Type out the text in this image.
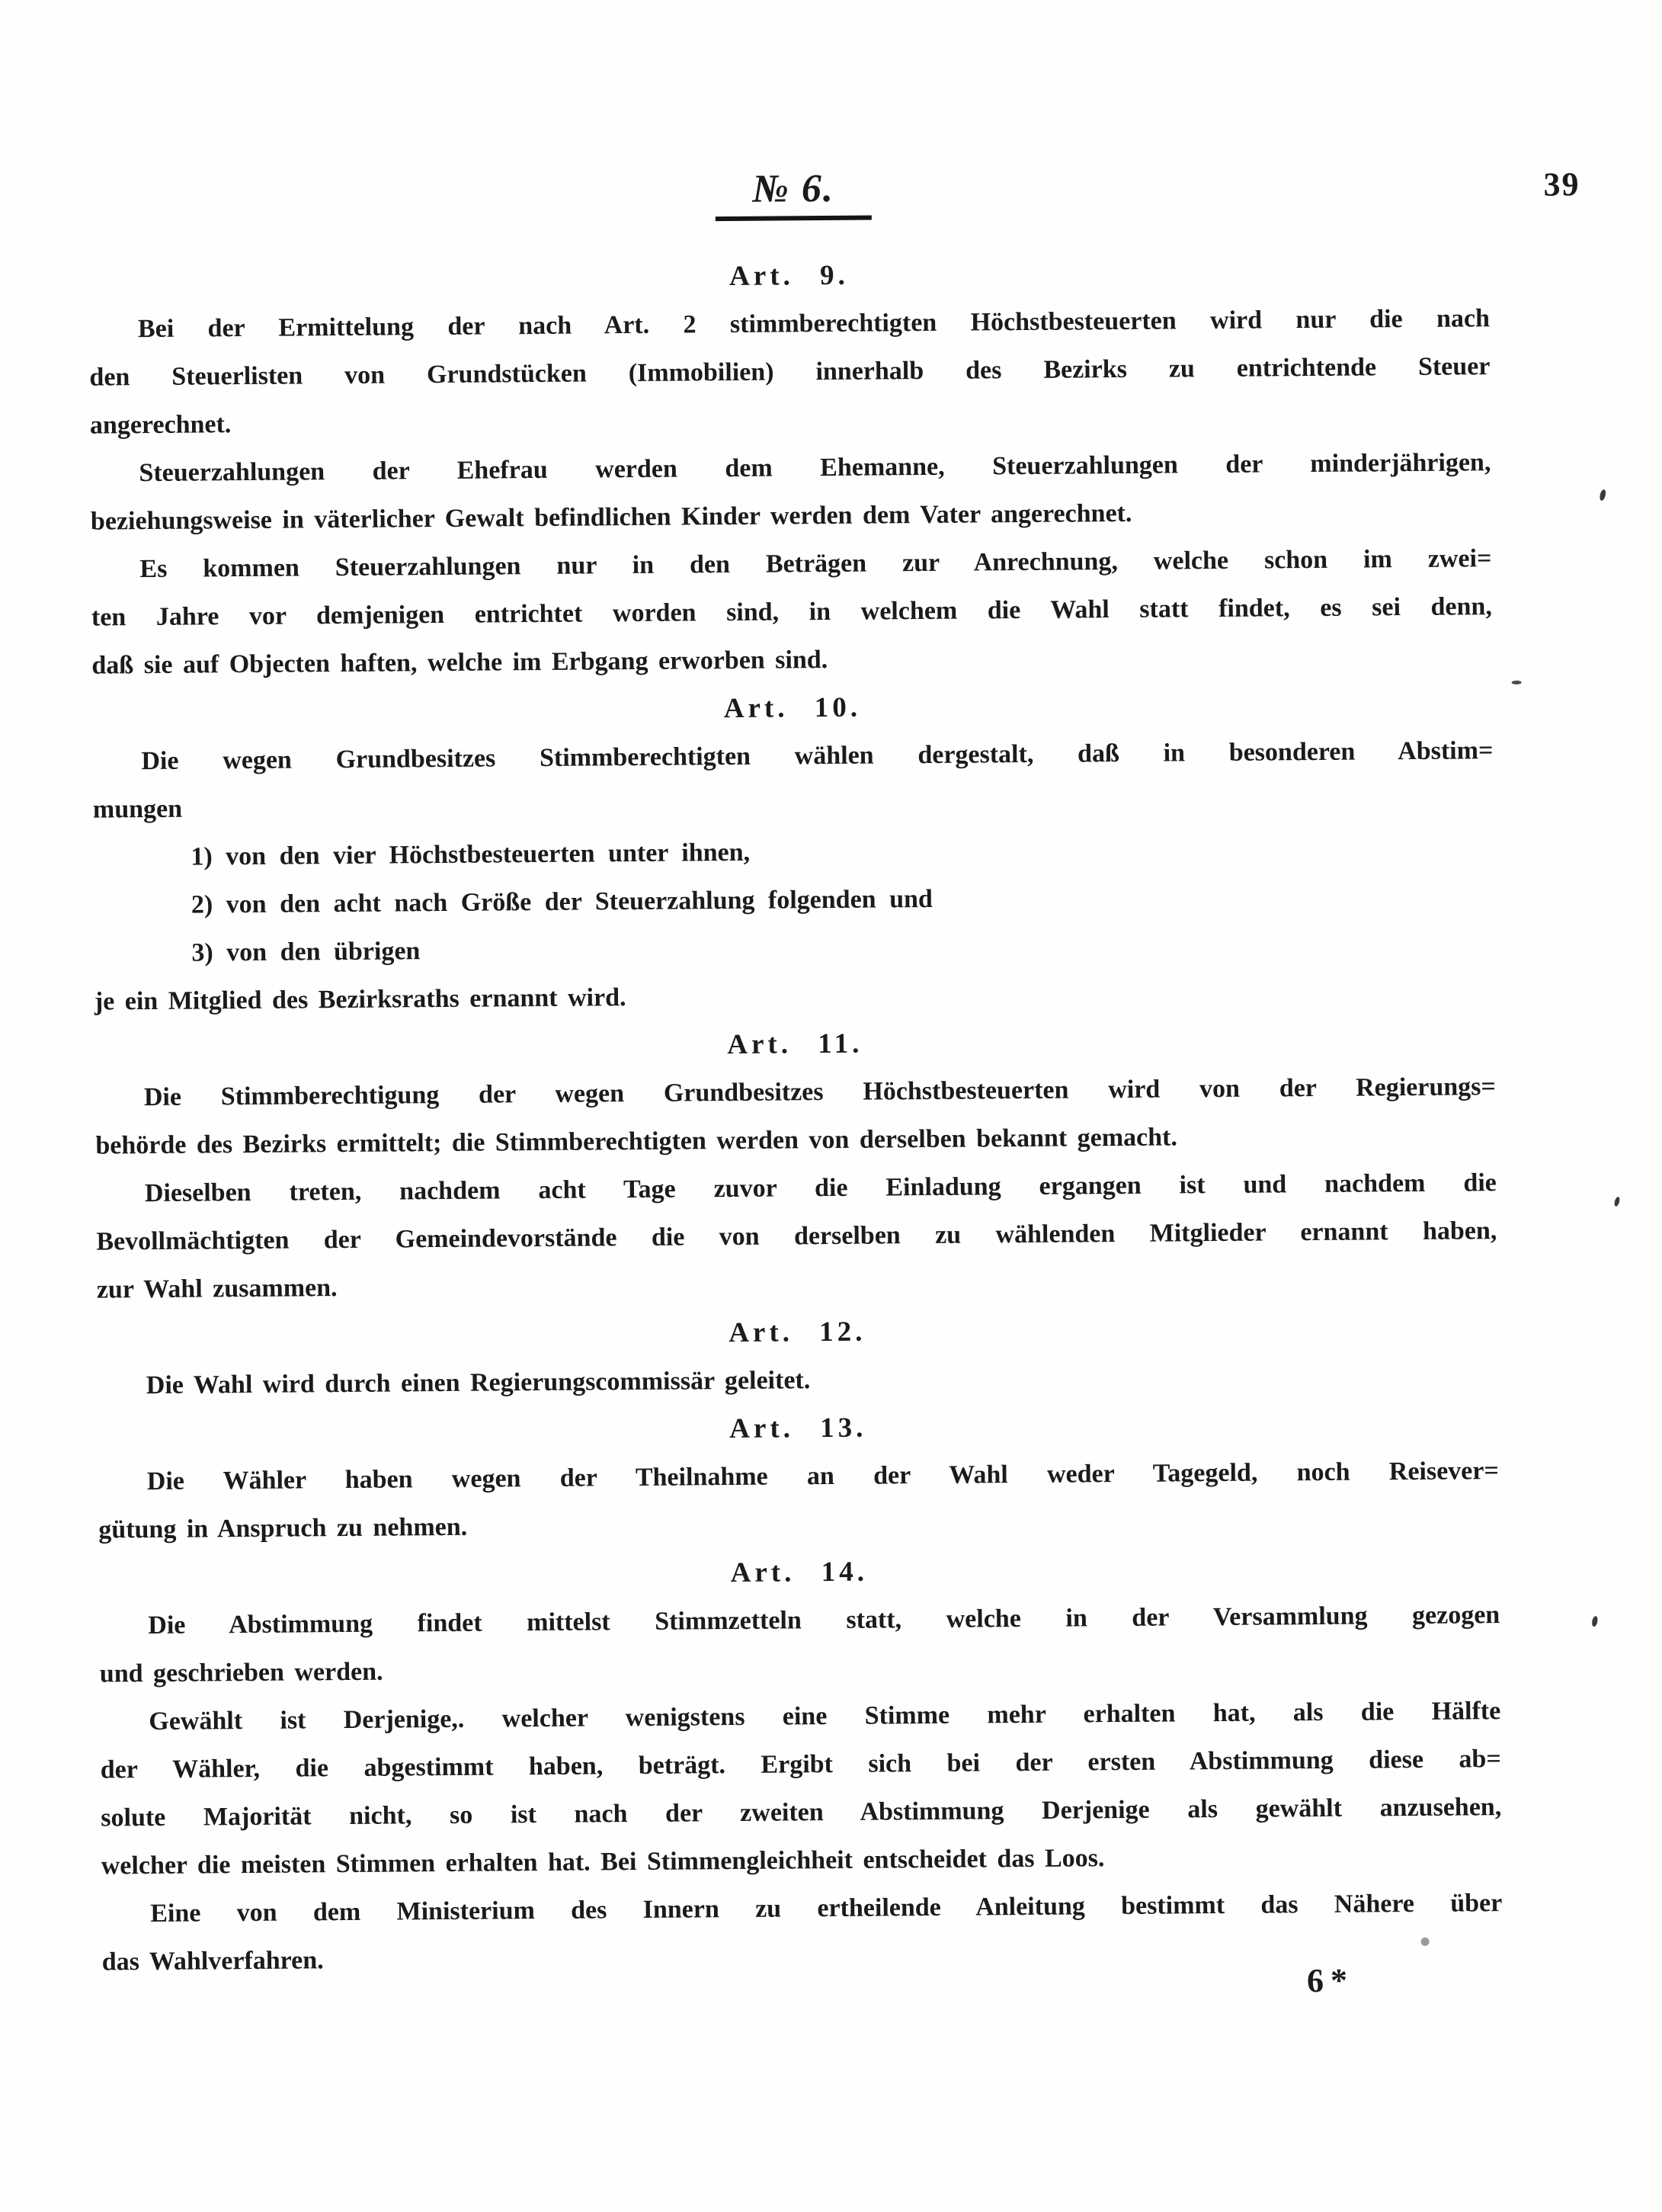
№ 6.	39
Art. 9.
Bei der Ermittelung der nach Art. 2 stimmberechtigten Höchstbesteuerten wird nur die nach
den Steuerlisten von Grundstücken (Immobilien) innerhalb des Bezirks zu entrichtende Steuer
angerechnet.
Steuerzahlungen der Ehefrau werden dem Ehemanne, Steuerzahlungen der minderjährigen,
beziehungsweise in väterlicher Gewalt befindlichen Kinder werden dem Vater angerechnet.
Es kommen Steuerzahlungen nur in den Beträgen zur Anrechnung, welche schon im zwei=
ten Jahre vor demjenigen entrichtet worden sind, in welchem die Wahl statt findet, es sei denn,
daß sie auf Objecten haften, welche im Erbgang erworben sind.
Art. 10.
Die wegen Grundbesitzes Stimmberechtigten wählen dergestalt, daß in besonderen Abstim=
mungen
1) von den vier Höchstbesteuerten unter ihnen,
2) von den acht nach Größe der Steuerzahlung folgenden und
3) von den übrigen
je ein Mitglied des Bezirksraths ernannt wird.
Art. 11.
Die Stimmberechtigung der wegen Grundbesitzes Höchstbesteuerten wird von der Regierungs=
behörde des Bezirks ermittelt; die Stimmberechtigten werden von derselben bekannt gemacht.
Dieselben treten, nachdem acht Tage zuvor die Einladung ergangen ist und nachdem die
Bevollmächtigten der Gemeindevorstände die von derselben zu wählenden Mitglieder ernannt haben,
zur Wahl zusammen.
Art. 12.
Die Wahl wird durch einen Regierungscommissär geleitet.
Art. 13.
Die Wähler haben wegen der Theilnahme an der Wahl weder Tagegeld, noch Reisever=
gütung in Anspruch zu nehmen.
Art. 14.
Die Abstimmung findet mittelst Stimmzetteln statt, welche in der Versammlung gezogen
und geschrieben werden.
Gewählt ist Derjenige,. welcher wenigstens eine Stimme mehr erhalten hat, als die Hälfte
der Wähler, die abgestimmt haben, beträgt. Ergibt sich bei der ersten Abstimmung diese ab=
solute Majorität nicht, so ist nach der zweiten Abstimmung Derjenige als gewählt anzusehen,
welcher die meisten Stimmen erhalten hat. Bei Stimmengleichheit entscheidet das Loos.
Eine von dem Ministerium des Innern zu ertheilende Anleitung bestimmt das Nähere über
das Wahlverfahren.
6*
